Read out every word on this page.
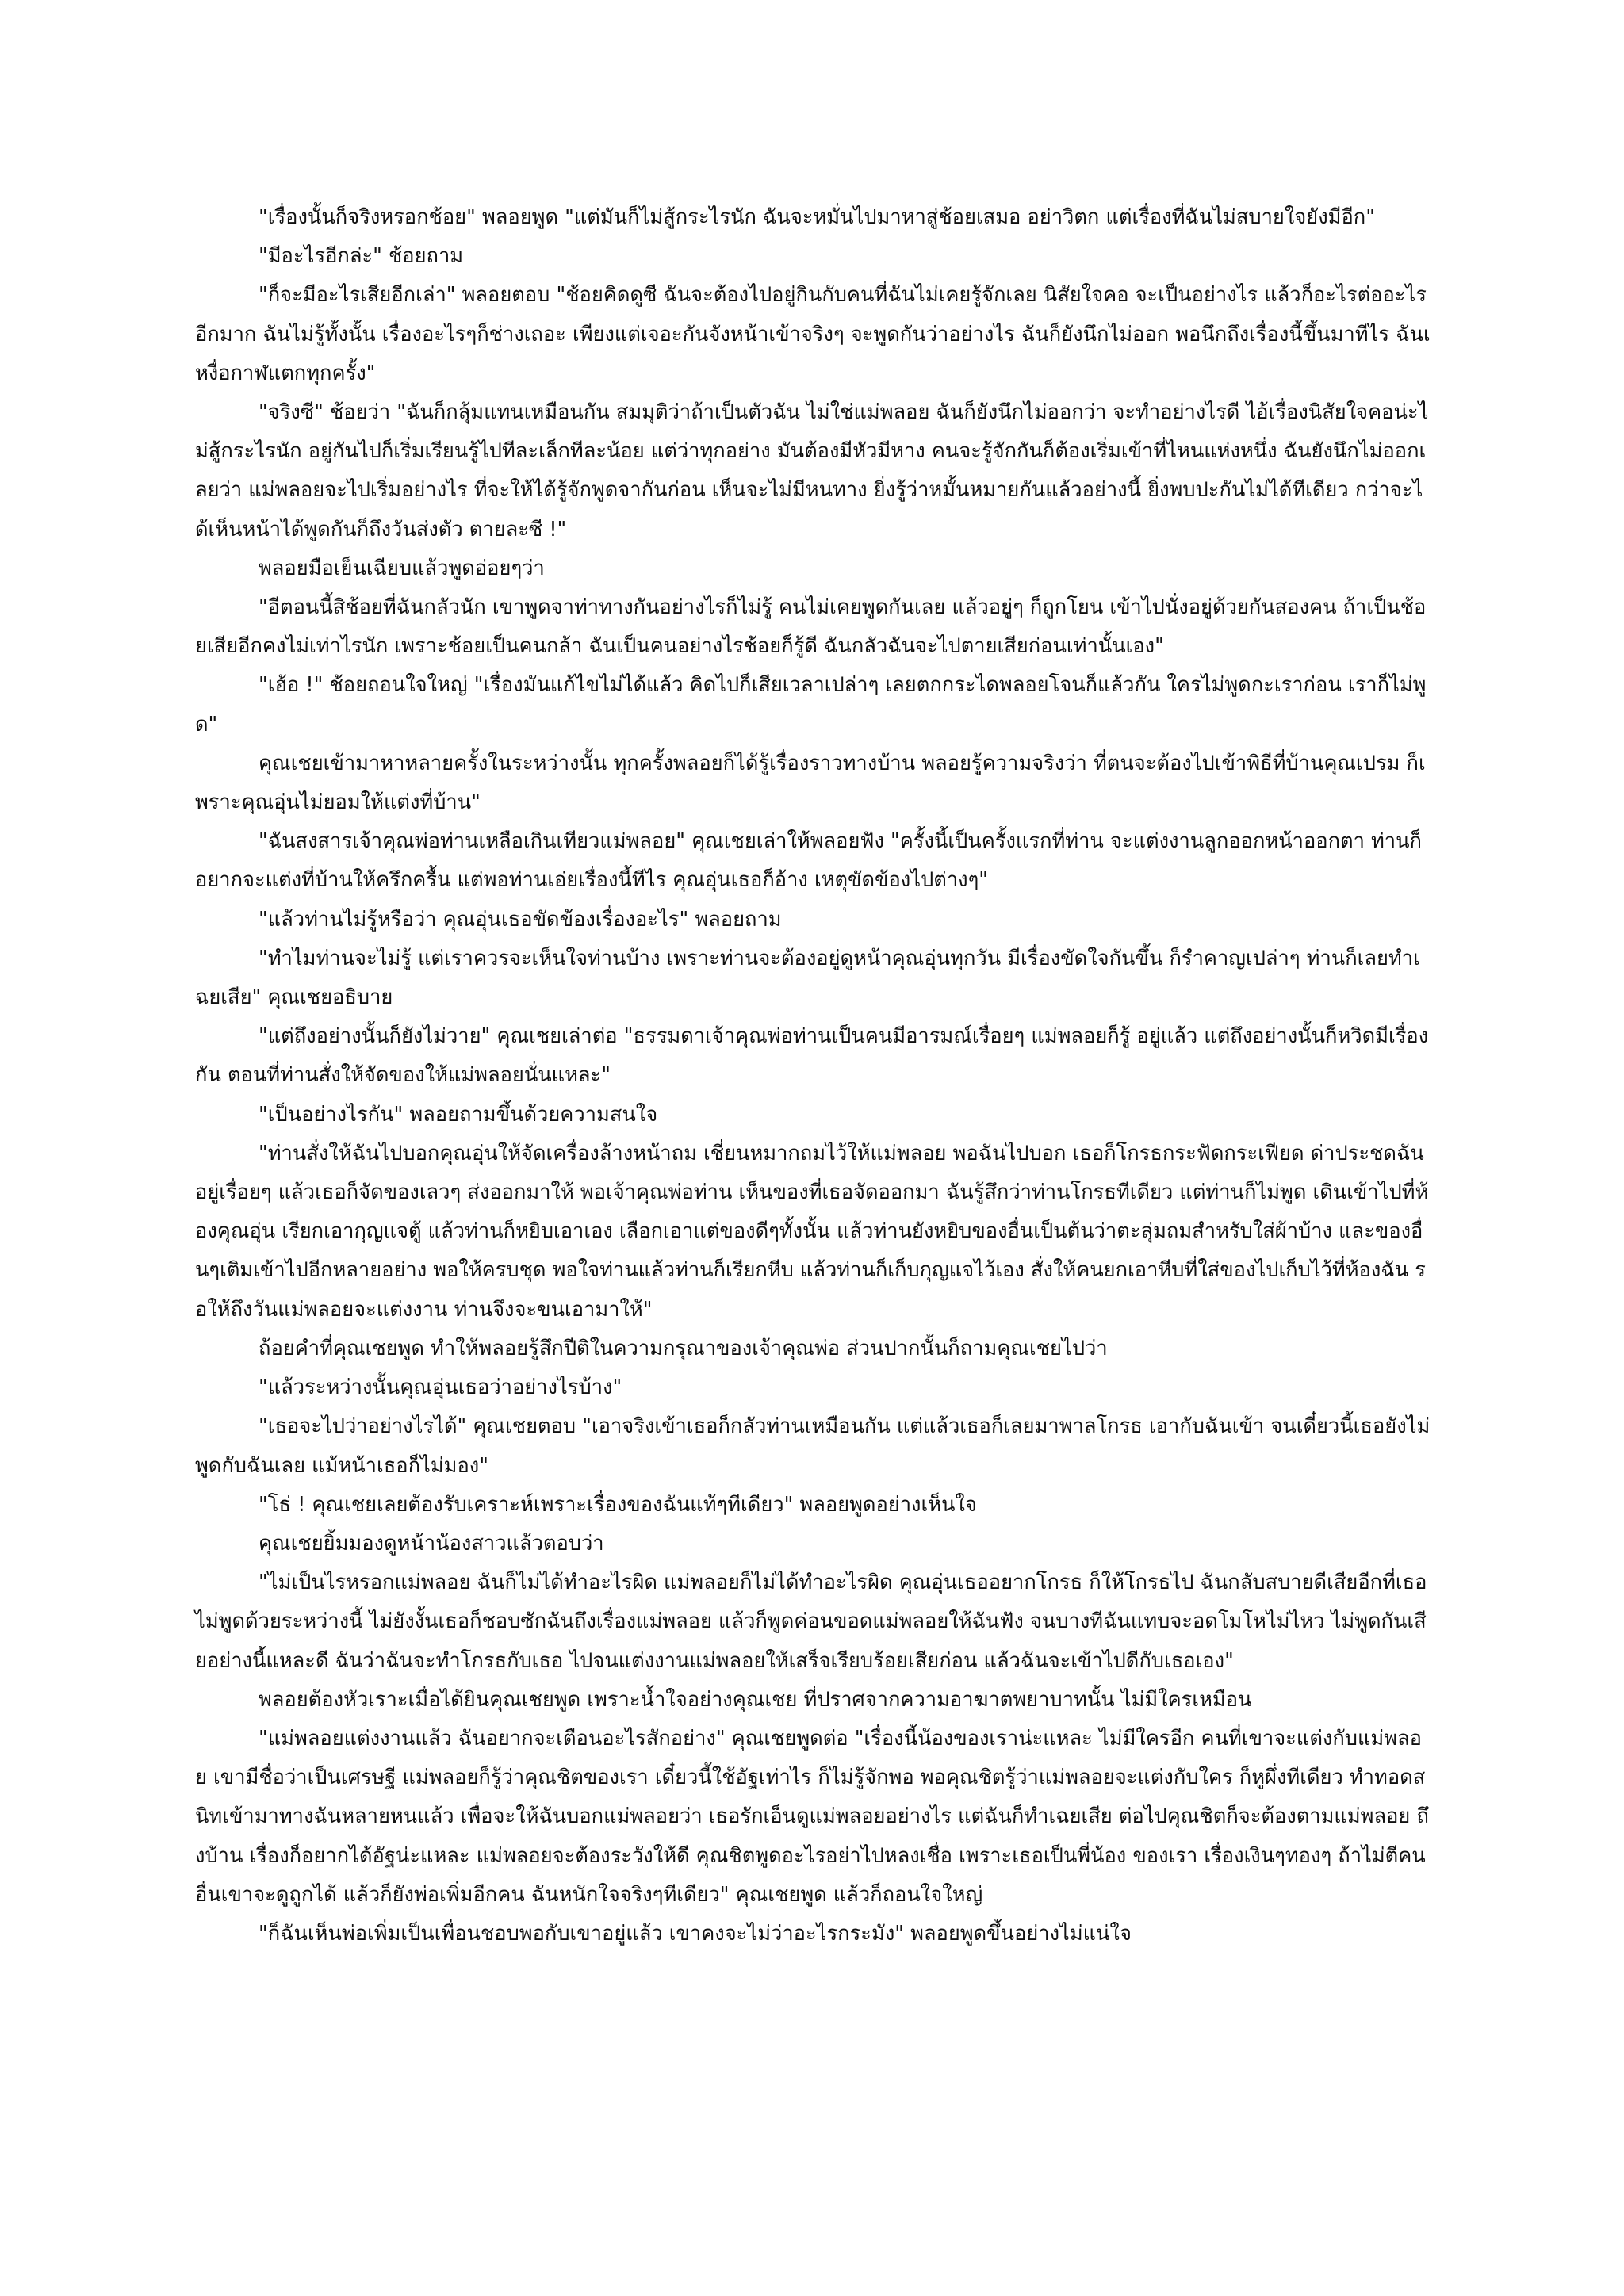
"เรื่องนั้นก็จริงหรอกช้อย" พลอยพูด "แต่มันก็ไม่สู้กระไรนัก ฉันจะหมั่นไปมาหาสู่ช้อยเสมอ อย่าวิตก แต่เรื่องที่ฉันไม่สบายใจยังมีอีก"

"มีอะไรอีกล่ะ" ช้อยถาม

"ก็จะมีอะไรเสียอีกเล่า" พลอยตอบ "ช้อยคิดดูซี ฉันจะต้องไปอยู่กินกับคนที่ฉันไม่เคยรู้จักเลย นิสัยใจคอ จะเป็นอย่างไร แล้วก็อะไรต่ออะไรอีกมาก ฉันไม่รู้ทั้งนั้น เรื่องอะไรๆก็ช่างเถอะ เพียงแต่เจอะกันจังหน้าเข้าจริงๆ จะพูดกันว่าอย่างไร ฉันก็ยังนึกไม่ออก พอนึกถึงเรื่องนี้ขึ้นมาทีไร ฉันเหงื่อกาฬแตกทุกครั้ง"

"จริงซี" ช้อยว่า "ฉันก็กลุ้มแทนเหมือนกัน สมมุติว่าถ้าเป็นตัวฉัน ไม่ใช่แม่พลอย ฉันก็ยังนึกไม่ออกว่า จะทำอย่างไรดี ไอ้เรื่องนิสัยใจคอน่ะไม่สู้กระไรนัก อยู่กันไปก็เริ่มเรียนรู้ไปทีละเล็กทีละน้อย แต่ว่าทุกอย่าง มันต้องมีหัวมีหาง คนจะรู้จักกันก็ต้องเริ่มเข้าที่ไหนแห่งหนึ่ง ฉันยังนึกไม่ออกเลยว่า แม่พลอยจะไปเริ่มอย่างไร ที่จะให้ได้รู้จักพูดจากันก่อน เห็นจะไม่มีหนทาง ยิ่งรู้ว่าหมั้นหมายกันแล้วอย่างนี้ ยิ่งพบปะกันไม่ได้ทีเดียว กว่าจะได้เห็นหน้าได้พูดกันก็ถึงวันส่งตัว ตายละซี !"

พลอยมือเย็นเฉียบแล้วพูดอ่อยๆว่า

"อีตอนนี้สิช้อยที่ฉันกลัวนัก เขาพูดจาท่าทางกันอย่างไรก็ไม่รู้ คนไม่เคยพูดกันเลย แล้วอยู่ๆ ก็ถูกโยน เข้าไปนั่งอยู่ด้วยกันสองคน ถ้าเป็นช้อยเสียอีกคงไม่เท่าไรนัก เพราะช้อยเป็นคนกล้า ฉันเป็นคนอย่างไรช้อยก็รู้ดี ฉันกลัวฉันจะไปตายเสียก่อนเท่านั้นเอง"

"เฮ้อ !" ช้อยถอนใจใหญ่ "เรื่องมันแก้ไขไม่ได้แล้ว คิดไปก็เสียเวลาเปล่าๆ เลยตกกระไดพลอยโจนก็แล้วกัน ใครไม่พูดกะเราก่อน เราก็ไม่พูด"

คุณเชยเข้ามาหาหลายครั้งในระหว่างนั้น ทุกครั้งพลอยก็ได้รู้เรื่องราวทางบ้าน พลอยรู้ความจริงว่า ที่ตนจะต้องไปเข้าพิธีที่บ้านคุณเปรม ก็เพราะคุณอุ่นไม่ยอมให้แต่งที่บ้าน"

"ฉันสงสารเจ้าคุณพ่อท่านเหลือเกินเทียวแม่พลอย" คุณเชยเล่าให้พลอยฟัง "ครั้งนี้เป็นครั้งแรกที่ท่าน จะแต่งงานลูกออกหน้าออกตา ท่านก็อยากจะแต่งที่บ้านให้ครึกครื้น แต่พอท่านเอ่ยเรื่องนี้ทีไร คุณอุ่นเธอก็อ้าง เหตุขัดข้องไปต่างๆ"

"แล้วท่านไม่รู้หรือว่า คุณอุ่นเธอขัดข้องเรื่องอะไร" พลอยถาม

"ทำไมท่านจะไม่รู้ แต่เราควรจะเห็นใจท่านบ้าง เพราะท่านจะต้องอยู่ดูหน้าคุณอุ่นทุกวัน มีเรื่องขัดใจกันขึ้น ก็รำคาญเปล่าๆ ท่านก็เลยทำเฉยเสีย" คุณเชยอธิบาย

"แต่ถึงอย่างนั้นก็ยังไม่วาย" คุณเชยเล่าต่อ "ธรรมดาเจ้าคุณพ่อท่านเป็นคนมีอารมณ์เรื่อยๆ แม่พลอยก็รู้ อยู่แล้ว แต่ถึงอย่างนั้นก็หวิดมีเรื่องกัน ตอนที่ท่านสั่งให้จัดของให้แม่พลอยนั่นแหละ"

"เป็นอย่างไรกัน" พลอยถามขึ้นด้วยความสนใจ

"ท่านสั่งให้ฉันไปบอกคุณอุ่นให้จัดเครื่องล้างหน้าถม เชี่ยนหมากถมไว้ให้แม่พลอย พอฉันไปบอก เธอก็โกรธกระฟัดกระเฟียด ด่าประชดฉันอยู่เรื่อยๆ แล้วเธอก็จัดของเลวๆ ส่งออกมาให้ พอเจ้าคุณพ่อท่าน เห็นของที่เธอจัดออกมา ฉันรู้สึกว่าท่านโกรธทีเดียว แต่ท่านก็ไม่พูด เดินเข้าไปที่ห้องคุณอุ่น เรียกเอากุญแจตู้ แล้วท่านก็หยิบเอาเอง เลือกเอาแต่ของดีๆทั้งนั้น แล้วท่านยังหยิบของอื่นเป็นต้นว่าตะลุ่มถมสำหรับใส่ผ้าบ้าง และของอื่นๆเติมเข้าไปอีกหลายอย่าง พอให้ครบชุด พอใจท่านแล้วท่านก็เรียกหีบ แล้วท่านก็เก็บกุญแจไว้เอง สั่งให้คนยกเอาหีบที่ใส่ของไปเก็บไว้ที่ห้องฉัน รอให้ถึงวันแม่พลอยจะแต่งงาน ท่านจึงจะขนเอามาให้"

ถ้อยคำที่คุณเชยพูด ทำให้พลอยรู้สึกปีติในความกรุณาของเจ้าคุณพ่อ ส่วนปากนั้นก็ถามคุณเชยไปว่า

"แล้วระหว่างนั้นคุณอุ่นเธอว่าอย่างไรบ้าง"

"เธอจะไปว่าอย่างไรได้" คุณเชยตอบ "เอาจริงเข้าเธอก็กลัวท่านเหมือนกัน แต่แล้วเธอก็เลยมาพาลโกรธ เอากับฉันเข้า จนเดี๋ยวนี้เธอยังไม่พูดกับฉันเลย แม้หน้าเธอก็ไม่มอง"

"โธ่ ! คุณเชยเลยต้องรับเคราะห์เพราะเรื่องของฉันแท้ๆทีเดียว" พลอยพูดอย่างเห็นใจ

คุณเชยยิ้มมองดูหน้าน้องสาวแล้วตอบว่า

"ไม่เป็นไรหรอกแม่พลอย ฉันก็ไม่ได้ทำอะไรผิด แม่พลอยก็ไม่ได้ทำอะไรผิด คุณอุ่นเธออยากโกรธ ก็ให้โกรธไป ฉันกลับสบายดีเสียอีกที่เธอไม่พูดด้วยระหว่างนี้ ไม่ยังงั้นเธอก็ชอบซักฉันถึงเรื่องแม่พลอย แล้วก็พูดค่อนขอดแม่พลอยให้ฉันฟัง จนบางทีฉันแทบจะอดโมโหไม่ไหว ไม่พูดกันเสียอย่างนี้แหละดี ฉันว่าฉันจะทำโกรธกับเธอ ไปจนแต่งงานแม่พลอยให้เสร็จเรียบร้อยเสียก่อน แล้วฉันจะเข้าไปดีกับเธอเอง"

พลอยต้องหัวเราะเมื่อได้ยินคุณเชยพูด เพราะน้ำใจอย่างคุณเชย ที่ปราศจากความอาฆาตพยาบาทนั้น ไม่มีใครเหมือน

"แม่พลอยแต่งงานแล้ว ฉันอยากจะเตือนอะไรสักอย่าง" คุณเชยพูดต่อ "เรื่องนี้น้องของเราน่ะแหละ ไม่มีใครอีก คนที่เขาจะแต่งกับแม่พลอย เขามีชื่อว่าเป็นเศรษฐี แม่พลอยก็รู้ว่าคุณชิตของเรา เดี๋ยวนี้ใช้อัฐเท่าไร ก็ไม่รู้จักพอ พอคุณชิตรู้ว่าแม่พลอยจะแต่งกับใคร ก็หูผึ่งทีเดียว ทำทอดสนิทเข้ามาทางฉันหลายหนแล้ว เพื่อจะให้ฉันบอกแม่พลอยว่า เธอรักเอ็นดูแม่พลอยอย่างไร แต่ฉันก็ทำเฉยเสีย ต่อไปคุณชิตก็จะต้องตามแม่พลอย ถึงบ้าน เรื่องก็อยากได้อัฐน่ะแหละ แม่พลอยจะต้องระวังให้ดี คุณชิตพูดอะไรอย่าไปหลงเชื่อ เพราะเธอเป็นพี่น้อง ของเรา เรื่องเงินๆทองๆ ถ้าไม่ตีคนอื่นเขาจะดูถูกได้ แล้วก็ยังพ่อเพิ่มอีกคน ฉันหนักใจจริงๆทีเดียว" คุณเชยพูด แล้วก็ถอนใจใหญ่

"ก็ฉันเห็นพ่อเพิ่มเป็นเพื่อนชอบพอกับเขาอยู่แล้ว เขาคงจะไม่ว่าอะไรกระมัง" พลอยพูดขึ้นอย่างไม่แน่ใจ
